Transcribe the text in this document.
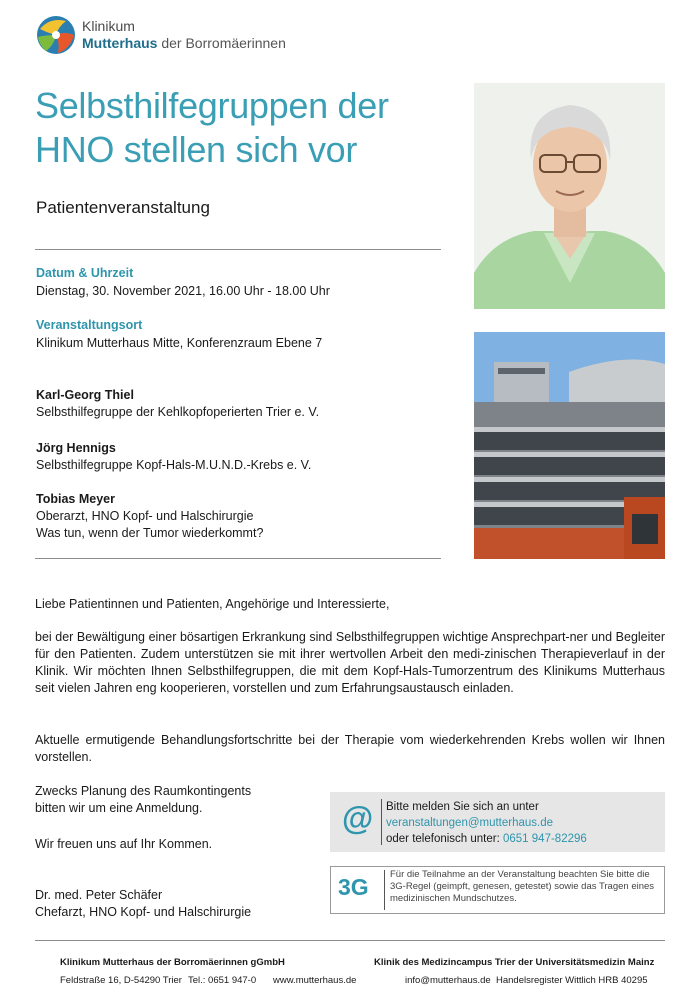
Klinikum
Mutterhaus der Borromäerinnen
Selbsthilfegruppen der
HNO stellen sich vor
Patientenveranstaltung
Datum & Uhrzeit
Dienstag, 30. November 2021, 16.00 Uhr - 18.00 Uhr
Veranstaltungsort
Klinikum Mutterhaus Mitte, Konferenzraum Ebene 7
Karl-Georg Thiel
Selbsthilfegruppe der Kehlkopfoperierten Trier e. V.
Jörg Hennigs
Selbsthilfegruppe Kopf-Hals-M.U.N.D.-Krebs e. V.
Tobias Meyer
Oberarzt, HNO Kopf- und Halschirurgie
Was tun, wenn der Tumor wiederkommt?
Liebe Patientinnen und Patienten, Angehörige und Interessierte,
bei der Bewältigung einer bösartigen Erkrankung sind Selbsthilfegruppen wichtige Ansprechpart-ner und Begleiter für den Patienten. Zudem unterstützen sie mit ihrer wertvollen Arbeit den medi-zinischen Therapieverlauf in der Klinik. Wir möchten Ihnen Selbsthilfegruppen, die mit dem Kopf-Hals-Tumorzentrum des Klinikums Mutterhaus seit vielen Jahren eng kooperieren, vorstellen und zum Erfahrungsaustausch einladen.
Aktuelle ermutigende Behandlungsfortschritte bei der Therapie vom wiederkehrenden Krebs wollen wir Ihnen vorstellen.
Zwecks Planung des Raumkontingents
bitten wir um eine Anmeldung.
Wir freuen uns auf Ihr Kommen.
Dr. med. Peter Schäfer
Chefarzt, HNO Kopf- und Halschirurgie
@ Bitte melden Sie sich an unter
veranstaltungen@mutterhaus.de
oder telefonisch unter: 0651 947-82296
3G Für die Teilnahme an der Veranstaltung beachten Sie bitte die 3G-Regel (geimpft, genesen, getestet) sowie das Tragen eines medizinischen Mundschutzes.
Klinikum Mutterhaus der Borromäerinnen gGmbH
Feldstraße 16, D-54290 Trier Tel.: 0651 947-0 www.mutterhaus.de
Klinik des Medizincampus Trier der Universitätsmedizin Mainz
info@mutterhaus.de Handelsregister Wittlich HRB 40295
